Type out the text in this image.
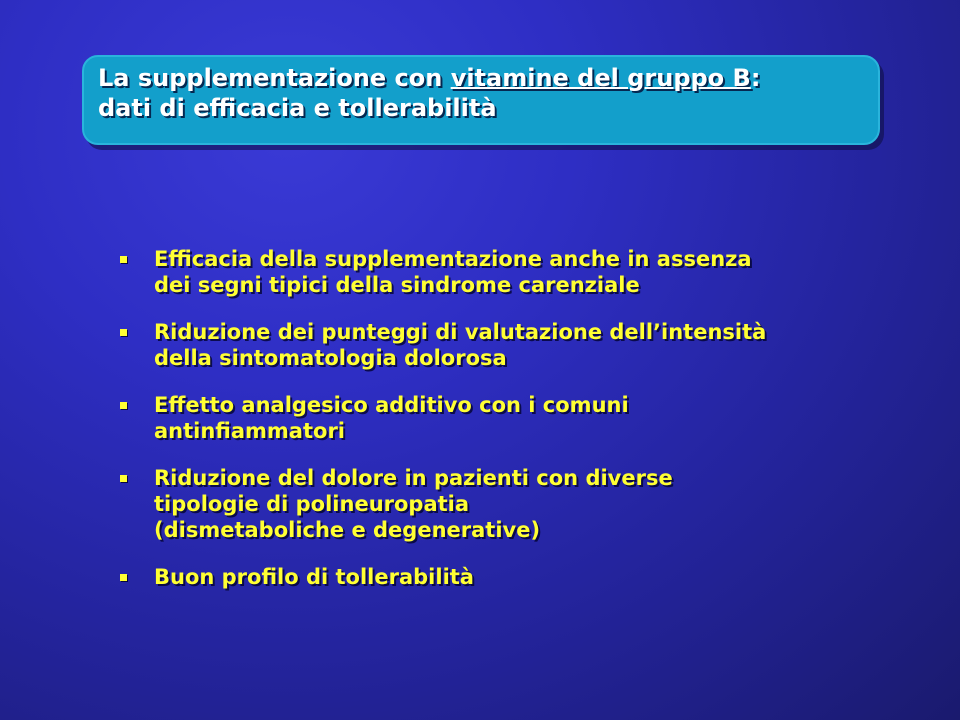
La supplementazione con vitamine del gruppo B:
dati di efficacia e tollerabilità
Efficacia della supplementazione anche in assenza
dei segni tipici della sindrome carenziale
Riduzione dei punteggi di valutazione dell’intensità
della sintomatologia dolorosa
Effetto analgesico additivo con i comuni
antinfiammatori
Riduzione del dolore in pazienti con diverse
tipologie di polineuropatia
(dismetaboliche e degenerative)
Buon profilo di tollerabilità
